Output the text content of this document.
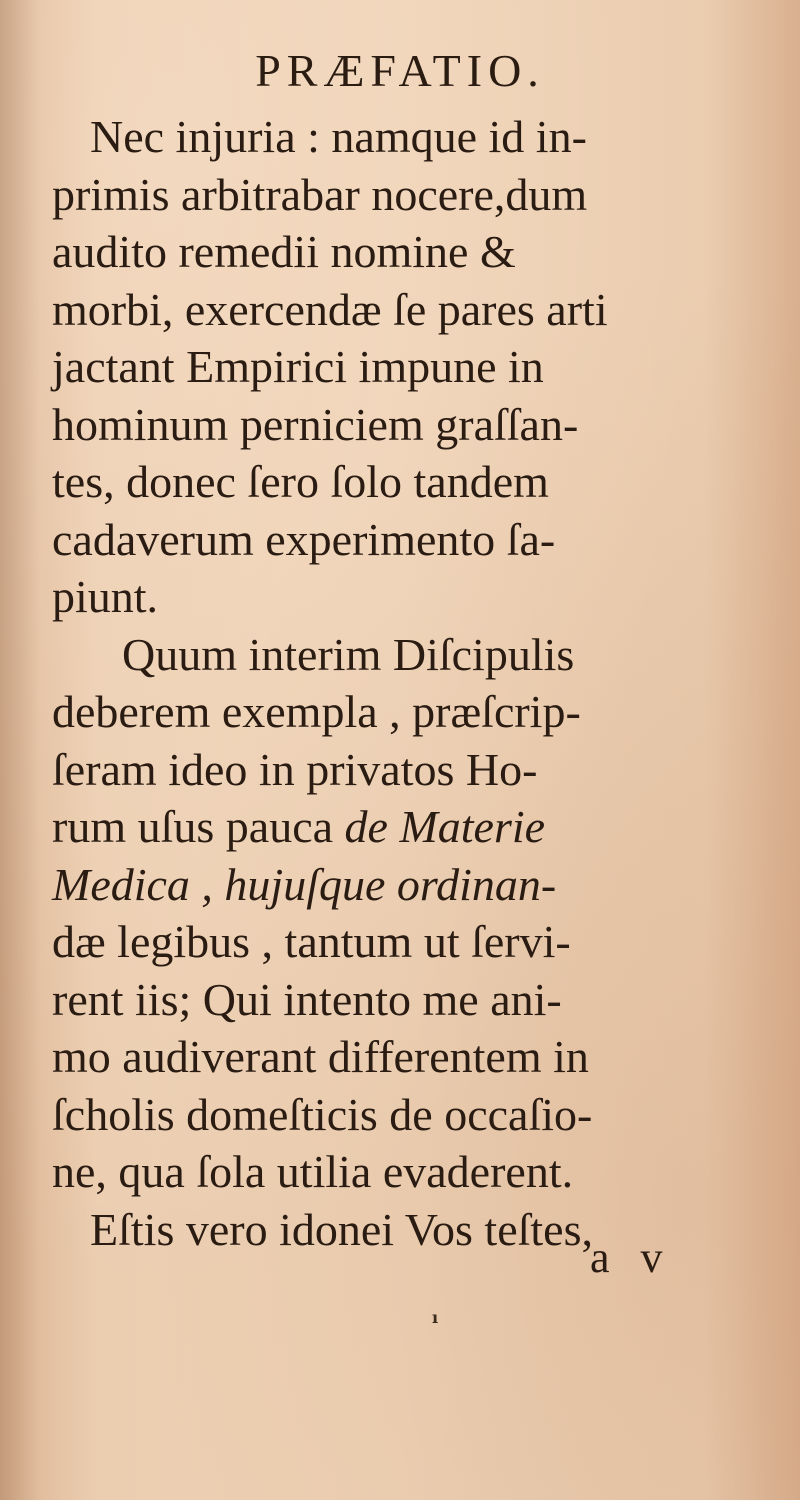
PRÆFATIO.
Nec injuria : namque id in-
primis arbitrabar nocere,dum
audito remedii nomine &
morbi, exercendæ ſe pares arti
jactant Empirici impune in
hominum perniciem graſſan-
tes, donec ſero ſolo tandem
cadaverum experimento ſa-
piunt.
Quum interim Diſcipulis
deberem exempla , præſcrip-
ſeram ideo in privatos Ho-
rum uſus pauca de Materie
Medica , hujuſque ordinan-
dæ legibus , tantum ut ſervi-
rent iis; Qui intento me ani-
mo audiverant differentem in
ſcholis domeſticis de occaſio-
ne, qua ſola utilia evaderent.
Eſtis vero idonei Vos teſtes,
a v
ı
